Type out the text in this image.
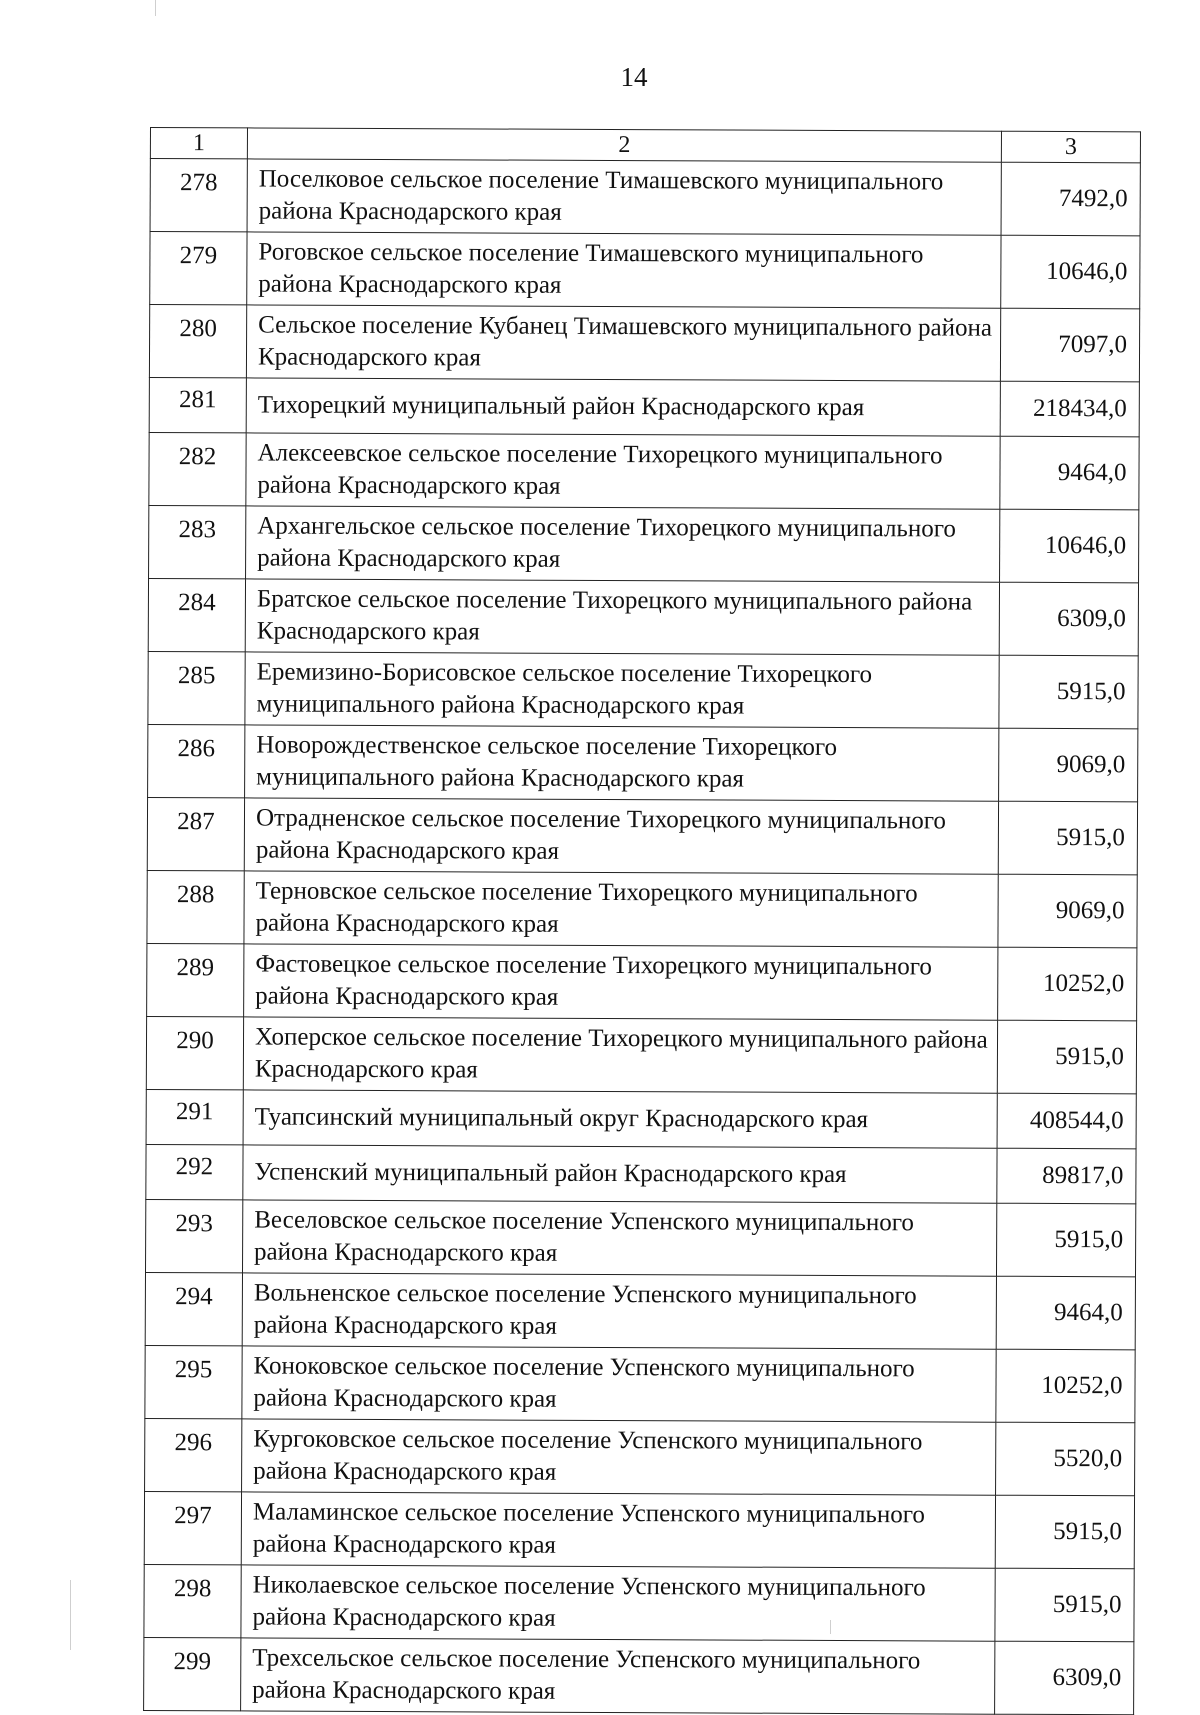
14
1	2	3
278	Поселковое сельское поселение Тимашевского муниципального района Краснодарского края	7492,0
279	Роговское сельское поселение Тимашевского муниципального района Краснодарского края	10646,0
280	Сельское поселение Кубанец Тимашевского муниципального района Краснодарского края	7097,0
281	Тихорецкий муниципальный район Краснодарского края	218434,0
282	Алексеевское сельское поселение Тихорецкого муниципального района Краснодарского края	9464,0
283	Архангельское сельское поселение Тихорецкого муниципального района Краснодарского края	10646,0
284	Братское сельское поселение Тихорецкого муниципального района Краснодарского края	6309,0
285	Еремизино-Борисовское сельское поселение Тихорецкого муниципального района Краснодарского края	5915,0
286	Новорождественское сельское поселение Тихорецкого муниципального района Краснодарского края	9069,0
287	Отрадненское сельское поселение Тихорецкого муниципального района Краснодарского края	5915,0
288	Терновское сельское поселение Тихорецкого муниципального района Краснодарского края	9069,0
289	Фастовецкое сельское поселение Тихорецкого муниципального района Краснодарского края	10252,0
290	Хоперское сельское поселение Тихорецкого муниципального района Краснодарского края	5915,0
291	Туапсинский муниципальный округ Краснодарского края	408544,0
292	Успенский муниципальный район Краснодарского края	89817,0
293	Веселовское сельское поселение Успенского муниципального района Краснодарского края	5915,0
294	Вольненское сельское поселение Успенского муниципального района Краснодарского края	9464,0
295	Коноковское сельское поселение Успенского муниципального района Краснодарского края	10252,0
296	Кургоковское сельское поселение Успенского муниципального района Краснодарского края	5520,0
297	Маламинское сельское поселение Успенского муниципального района Краснодарского края	5915,0
298	Николаевское сельское поселение Успенского муниципального района Краснодарского края	5915,0
299	Трехсельское сельское поселение Успенского муниципального района Краснодарского края	6309,0
